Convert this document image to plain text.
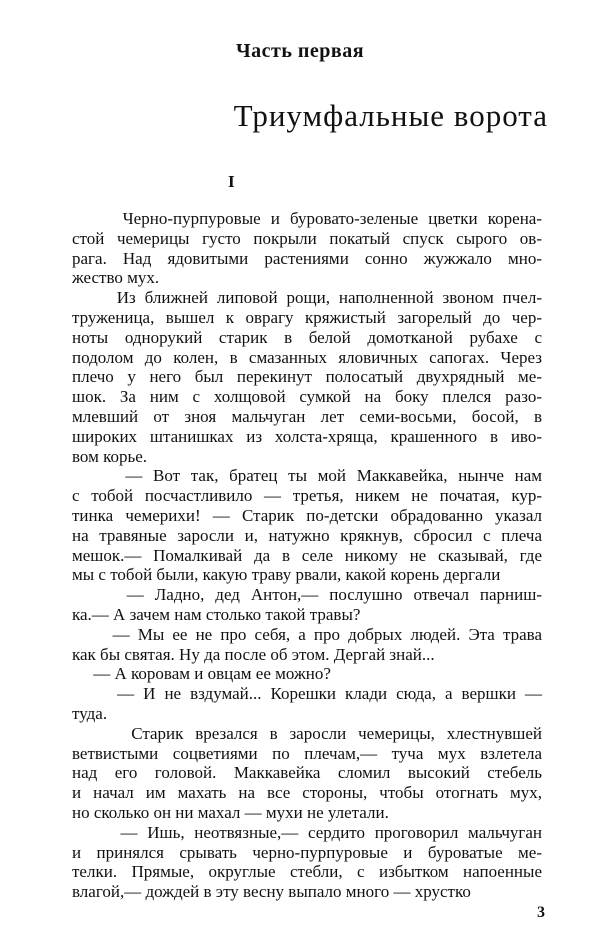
Часть первая
Триумфальные ворота
I
Черно-пурпуровые и буровато-зеленые цветки корена-
стой чемерицы густо покрыли покатый спуск сырого ов-
рага. Над ядовитыми растениями сонно жужжало мно-
жество мух.
Из ближней липовой рощи, наполненной звоном пчел-
труженица, вышел к оврагу кряжистый загорелый до чер-
ноты однорукий старик в белой домотканой рубахе с
подолом до колен, в смазанных яловичных сапогах. Через
плечо у него был перекинут полосатый двухрядный ме-
шок. За ним с холщовой сумкой на боку плелся разо-
млевший от зноя мальчуган лет семи-восьми, босой, в
широких штанишках из холста-хряща, крашенного в иво-
вом корье.
— Вот так, братец ты мой Маккавейка, нынче нам
с тобой посчастливило — третья, никем не початая, кур-
тинка чемерихи! — Старик по-детски обрадованно указал
на травяные заросли и, натужно крякнув, сбросил с плеча
мешок.— Помалкивай да в селе никому не сказывай, где
мы с тобой были, какую траву рвали, какой корень дергали
— Ладно, дед Антон,— послушно отвечал парниш-
ка.— А зачем нам столько такой травы?
— Мы ее не про себя, а про добрых людей. Эта трава
как бы святая. Ну да после об этом. Дергай знай...
— А коровам и овцам ее можно?
— И не вздумай... Корешки клади сюда, а вершки —
туда.
Старик врезался в заросли чемерицы, хлестнувшей
ветвистыми соцветиями по плечам,— туча мух взлетела
над его головой. Маккавейка сломил высокий стебель
и начал им махать на все стороны, чтобы отогнать мух,
но сколько он ни махал — мухи не улетали.
— Ишь, неотвязные,— сердито проговорил мальчуган
и принялся срывать черно-пурпуровые и буроватые ме-
телки. Прямые, округлые стебли, с избытком напоенные
влагой,— дождей в эту весну выпало много — хрустко
3
